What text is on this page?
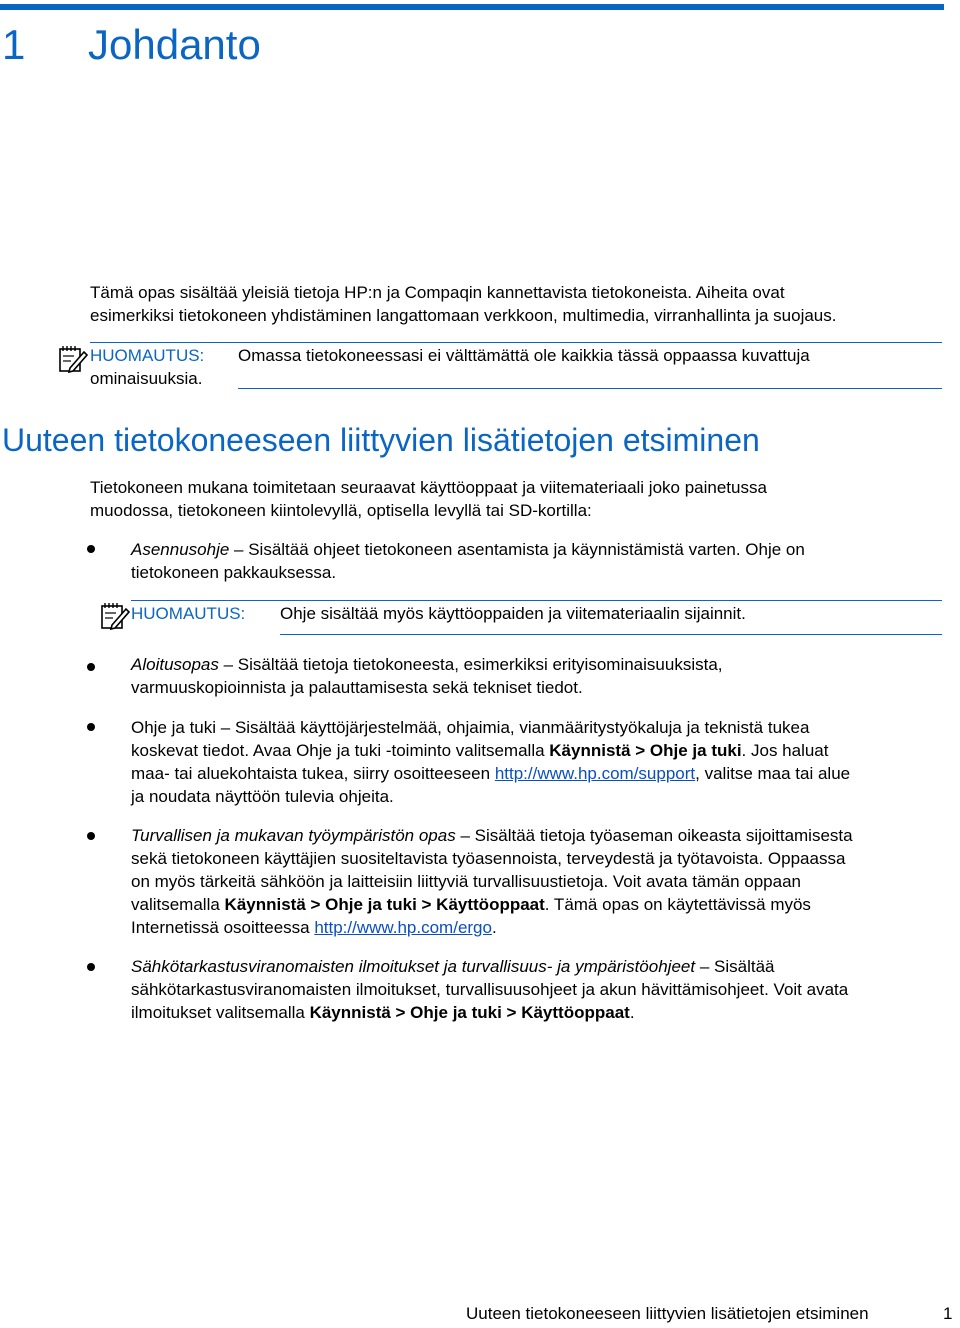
1 Johdanto
Tämä opas sisältää yleisiä tietoja HP:n ja Compaqin kannettavista tietokoneista. Aiheita ovat
esimerkiksi tietokoneen yhdistäminen langattomaan verkkoon, multimedia, virranhallinta ja suojaus.
HUOMAUTUS: Omassa tietokoneessasi ei välttämättä ole kaikkia tässä oppaassa kuvattuja
ominaisuuksia.
Uuteen tietokoneeseen liittyvien lisätietojen etsiminen
Tietokoneen mukana toimitetaan seuraavat käyttöoppaat ja viitemateriaali joko painetussa
muodossa, tietokoneen kiintolevyllä, optisella levyllä tai SD-kortilla:
Asennusohje – Sisältää ohjeet tietokoneen asentamista ja käynnistämistä varten. Ohje on
tietokoneen pakkauksessa.
HUOMAUTUS: Ohje sisältää myös käyttöoppaiden ja viitemateriaalin sijainnit.
Aloitusopas – Sisältää tietoja tietokoneesta, esimerkiksi erityisominaisuuksista,
varmuuskopioinnista ja palauttamisesta sekä tekniset tiedot.
Ohje ja tuki – Sisältää käyttöjärjestelmää, ohjaimia, vianmääritystyökaluja ja teknistä tukea
koskevat tiedot. Avaa Ohje ja tuki -toiminto valitsemalla Käynnistä > Ohje ja tuki. Jos haluat
maa- tai aluekohtaista tukea, siirry osoitteeseen http://www.hp.com/support, valitse maa tai alue
ja noudata näyttöön tulevia ohjeita.
Turvallisen ja mukavan työympäristön opas – Sisältää tietoja työaseman oikeasta sijoittamisesta
sekä tietokoneen käyttäjien suositeltavista työasennoista, terveydestä ja työtavoista. Oppaassa
on myös tärkeitä sähköön ja laitteisiin liittyviä turvallisuustietoja. Voit avata tämän oppaan
valitsemalla Käynnistä > Ohje ja tuki > Käyttöoppaat. Tämä opas on käytettävissä myös
Internetissä osoitteessa http://www.hp.com/ergo.
Sähkötarkastusviranomaisten ilmoitukset ja turvallisuus- ja ympäristöohjeet – Sisältää
sähkötarkastusviranomaisten ilmoitukset, turvallisuusohjeet ja akun hävittämisohjeet. Voit avata
ilmoitukset valitsemalla Käynnistä > Ohje ja tuki > Käyttöoppaat.
Uuteen tietokoneeseen liittyvien lisätietojen etsiminen	1
